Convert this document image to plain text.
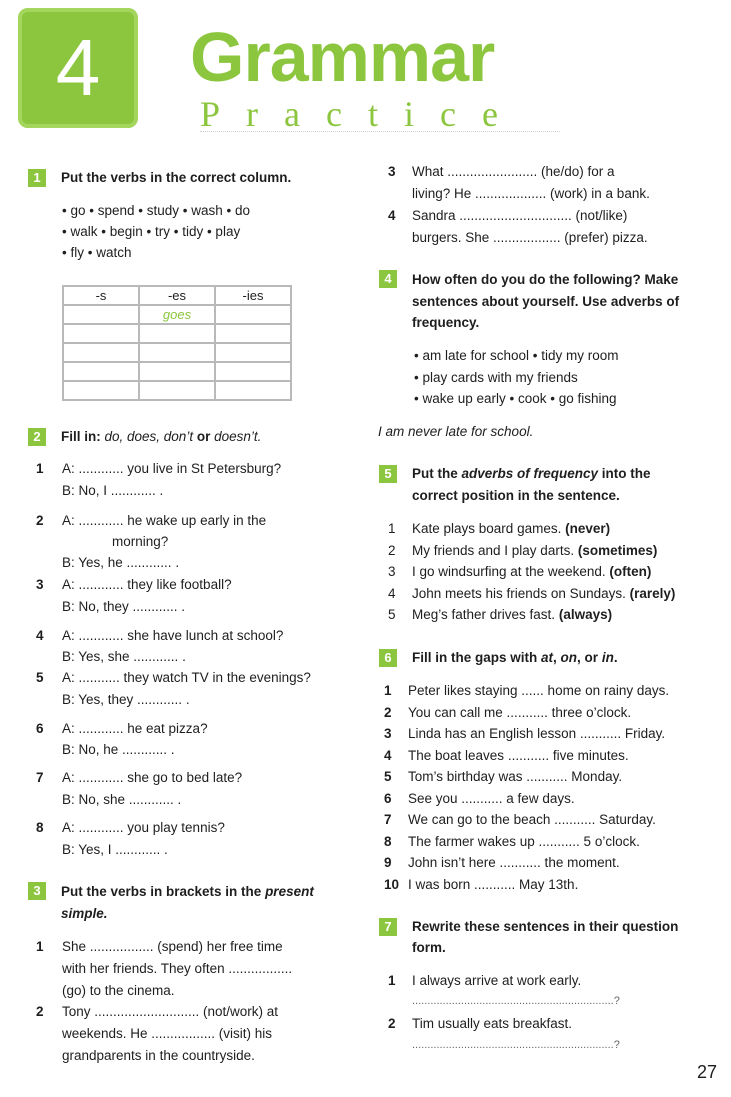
4	Grammar
Practice
1	Put the verbs in the correct column.
• go • spend • study • wash • do
• walk • begin • try • tidy • play
• fly • watch
-s	-es	-ies
	goes	

2	Fill in: do, does, don’t or doesn’t.
1 A: ............ you live in St Petersburg?
B: No, I ............ .
2 A: ............ he wake up early in the
morning?
B: Yes, he ............ .
3 A: ............ they like football?
B: No, they ............ .
4 A: ............ she have lunch at school?
B: Yes, she ............ .
5 A: ........... they watch TV in the evenings?
B: Yes, they ............ .
6 A: ............ he eat pizza?
B: No, he ............ .
7 A: ............ she go to bed late?
B: No, she ............ .
8 A: ............ you play tennis?
B: Yes, I ............ .
3	Put the verbs in brackets in the present
simple.
1 She ................. (spend) her free time
with her friends. They often .................
(go) to the cinema.
2 Tony ............................ (not/work) at
weekends. He ................. (visit) his
grandparents in the countryside.
3 What ........................ (he/do) for a
living? He ................... (work) in a bank.
4 Sandra .............................. (not/like)
burgers. She .................. (prefer) pizza.
4	How often do you do the following? Make
sentences about yourself. Use adverbs of
frequency.
• am late for school • tidy my room
• play cards with my friends
• wake up early • cook • go fishing
I am never late for school.
5	Put the adverbs of frequency into the
correct position in the sentence.
1 Kate plays board games. (never)
2 My friends and I play darts. (sometimes)
3 I go windsurfing at the weekend. (often)
4 John meets his friends on Sundays. (rarely)
5 Meg’s father drives fast. (always)
6	Fill in the gaps with at, on, or in.
1 Peter likes staying ...... home on rainy days.
2 You can call me ........... three o’clock.
3 Linda has an English lesson ........... Friday.
4 The boat leaves ........... five minutes.
5 Tom’s birthday was ........... Monday.
6 See you ........... a few days.
7 We can go to the beach ........... Saturday.
8 The farmer wakes up ........... 5 o’clock.
9 John isn’t here ........... the moment.
10 I was born ........... May 13th.
7	Rewrite these sentences in their question
form.
1 I always arrive at work early.
..................................................................?
2 Tim usually eats breakfast.
..................................................................?
27
